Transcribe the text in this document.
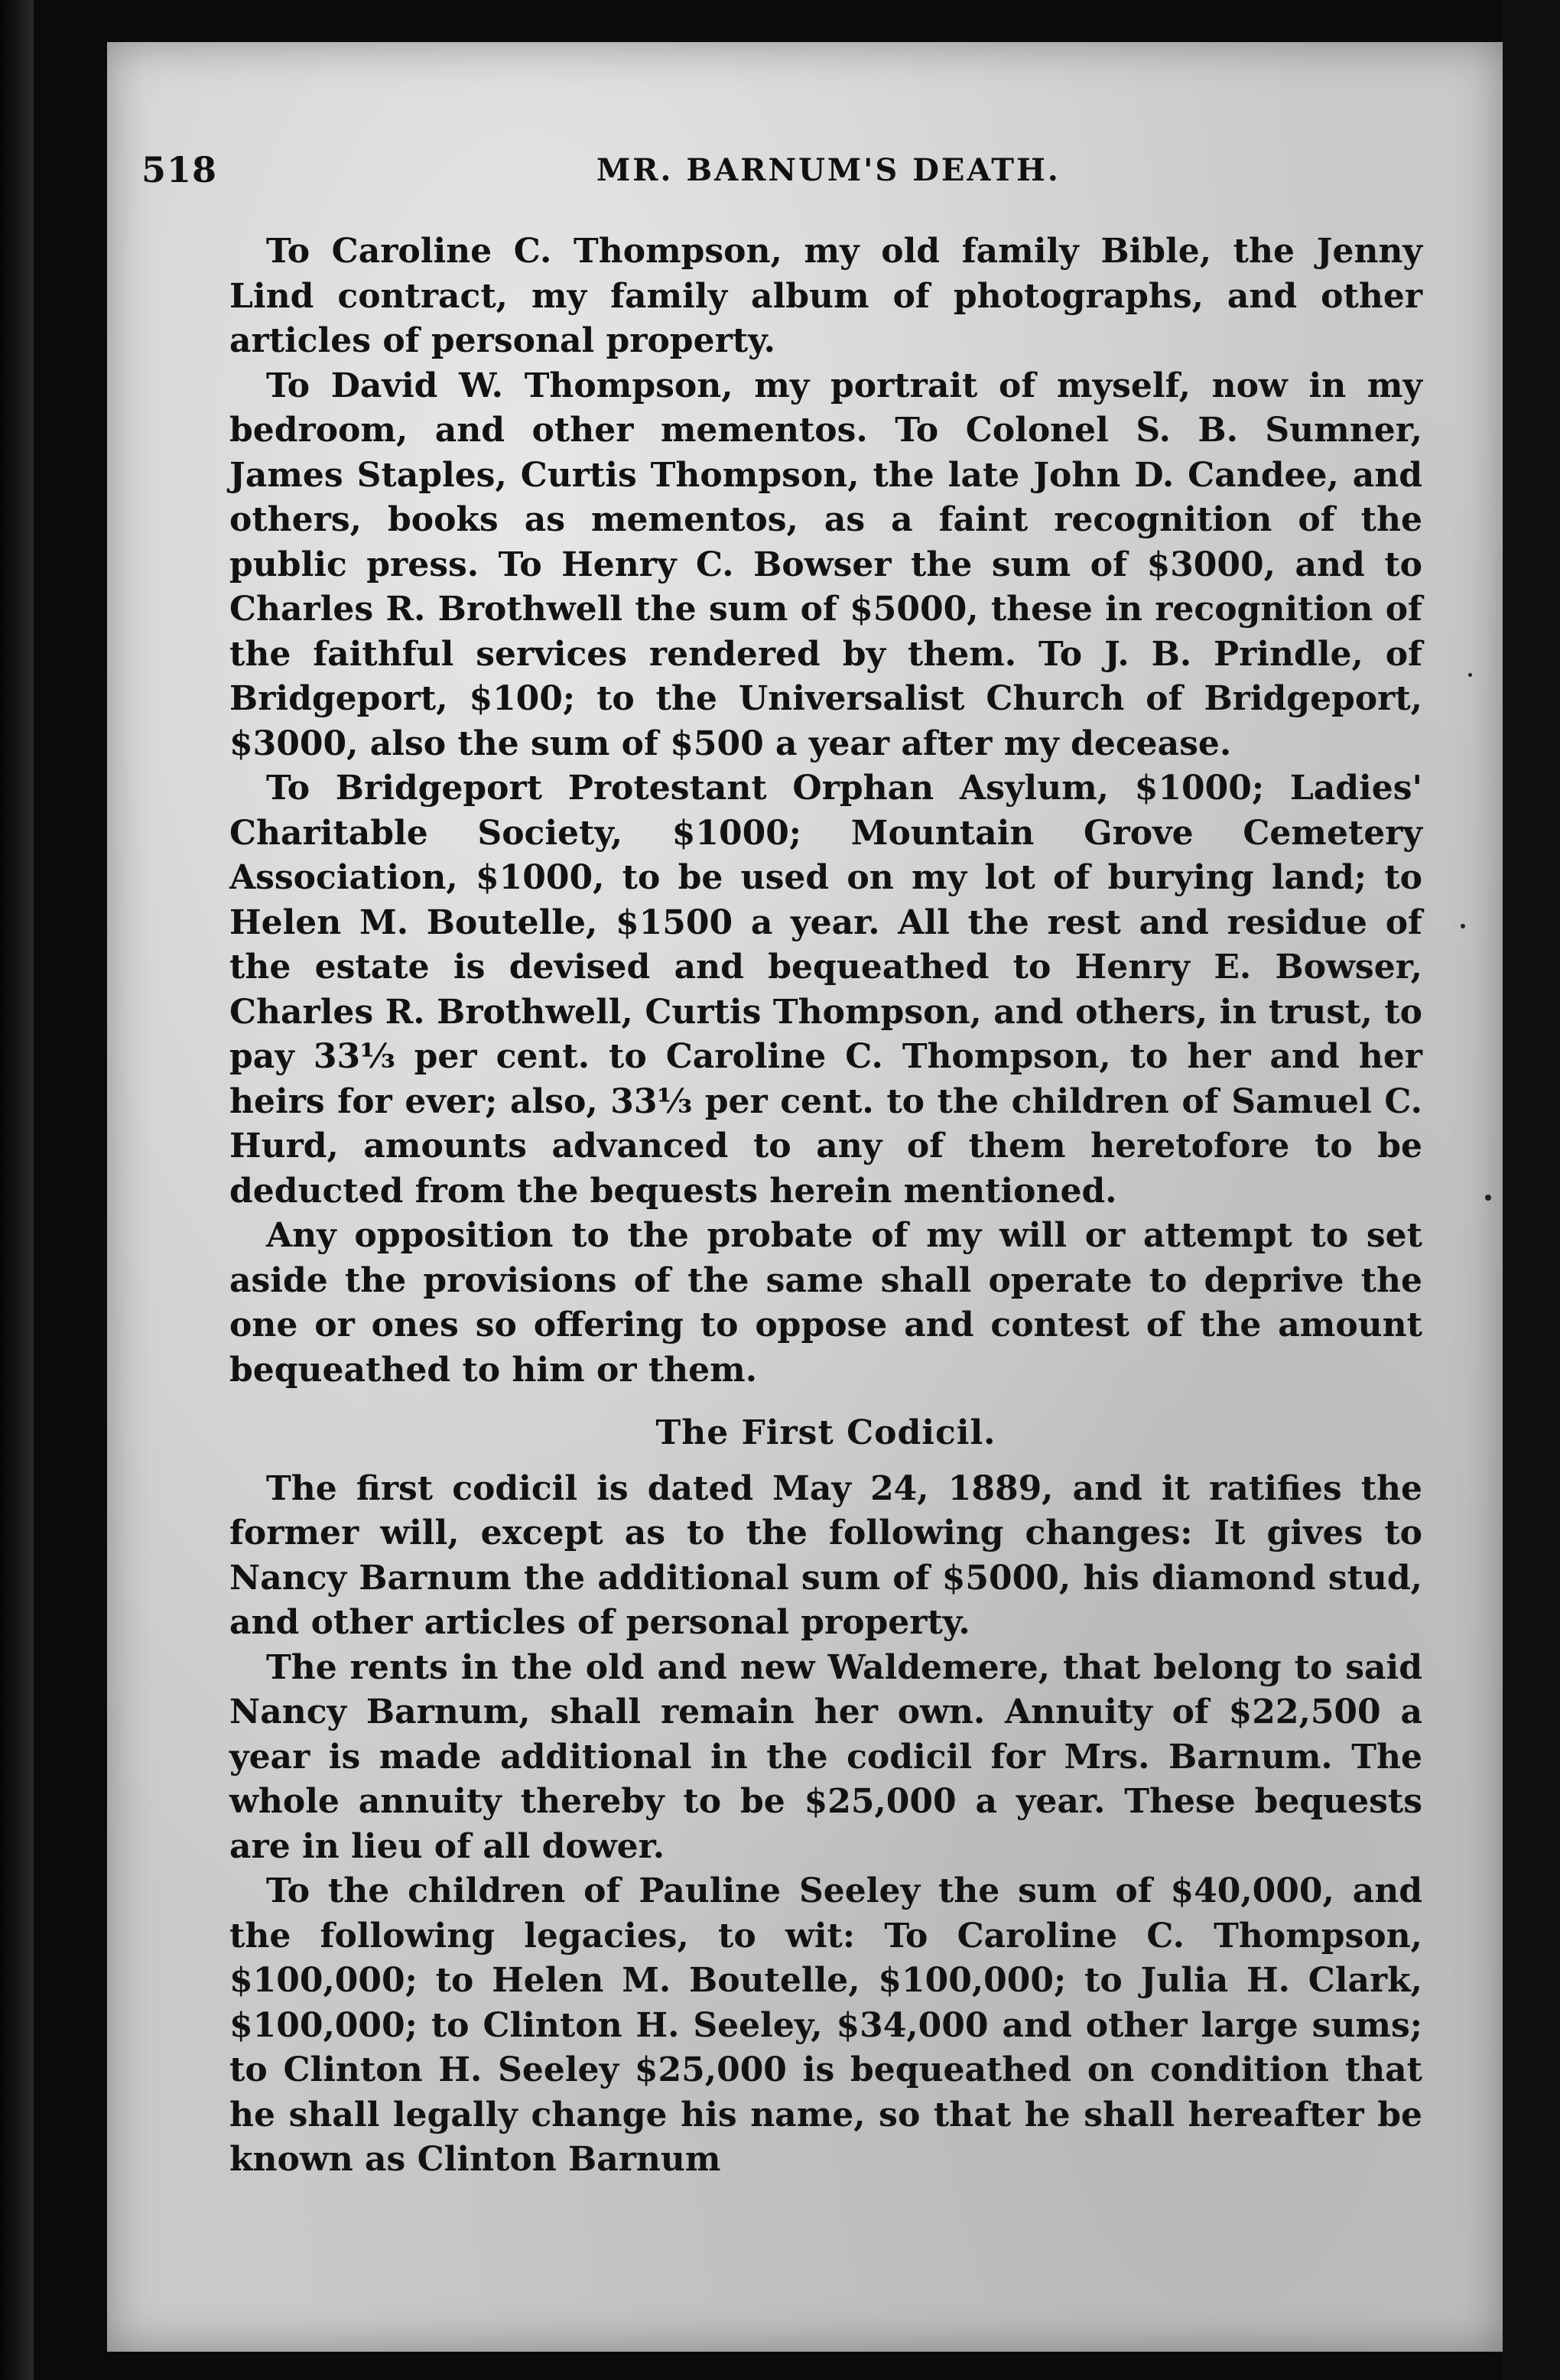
518	MR. BARNUM'S DEATH.

To Caroline C. Thompson, my old family Bible, the Jenny Lind contract, my family album of photographs, and other articles of personal property.

To David W. Thompson, my portrait of myself, now in my bedroom, and other mementos. To Colonel S. B. Sumner, James Staples, Curtis Thompson, the late John D. Candee, and others, books as mementos, as a faint recognition of the public press. To Henry C. Bowser the sum of $3000, and to Charles R. Brothwell the sum of $5000, these in recognition of the faithful services rendered by them. To J. B. Prindle, of Bridgeport, $100; to the Universalist Church of Bridgeport, $3000, also the sum of $500 a year after my decease.

To Bridgeport Protestant Orphan Asylum, $1000; Ladies' Charitable Society, $1000; Mountain Grove Cemetery Association, $1000, to be used on my lot of burying land; to Helen M. Boutelle, $1500 a year. All the rest and residue of the estate is devised and bequeathed to Henry E. Bowser, Charles R. Brothwell, Curtis Thompson, and others, in trust, to pay 33⅓ per cent. to Caroline C. Thompson, to her and her heirs for ever; also, 33⅓ per cent. to the children of Samuel C. Hurd, amounts advanced to any of them heretofore to be deducted from the bequests herein mentioned.

Any opposition to the probate of my will or attempt to set aside the provisions of the same shall operate to deprive the one or ones so offering to oppose and contest of the amount bequeathed to him or them.

The First Codicil.

The first codicil is dated May 24, 1889, and it ratifies the former will, except as to the following changes: It gives to Nancy Barnum the additional sum of $5000, his diamond stud, and other articles of personal property.

The rents in the old and new Waldemere, that belong to said Nancy Barnum, shall remain her own. Annuity of $22,500 a year is made additional in the codicil for Mrs. Barnum. The whole annuity thereby to be $25,000 a year. These bequests are in lieu of all dower.

To the children of Pauline Seeley the sum of $40,000, and the following legacies, to wit: To Caroline C. Thompson, $100,000; to Helen M. Boutelle, $100,000; to Julia H. Clark, $100,000; to Clinton H. Seeley, $34,000 and other large sums; to Clinton H. Seeley $25,000 is bequeathed on condition that he shall legally change his name, so that he shall hereafter be known as Clinton Barnum
